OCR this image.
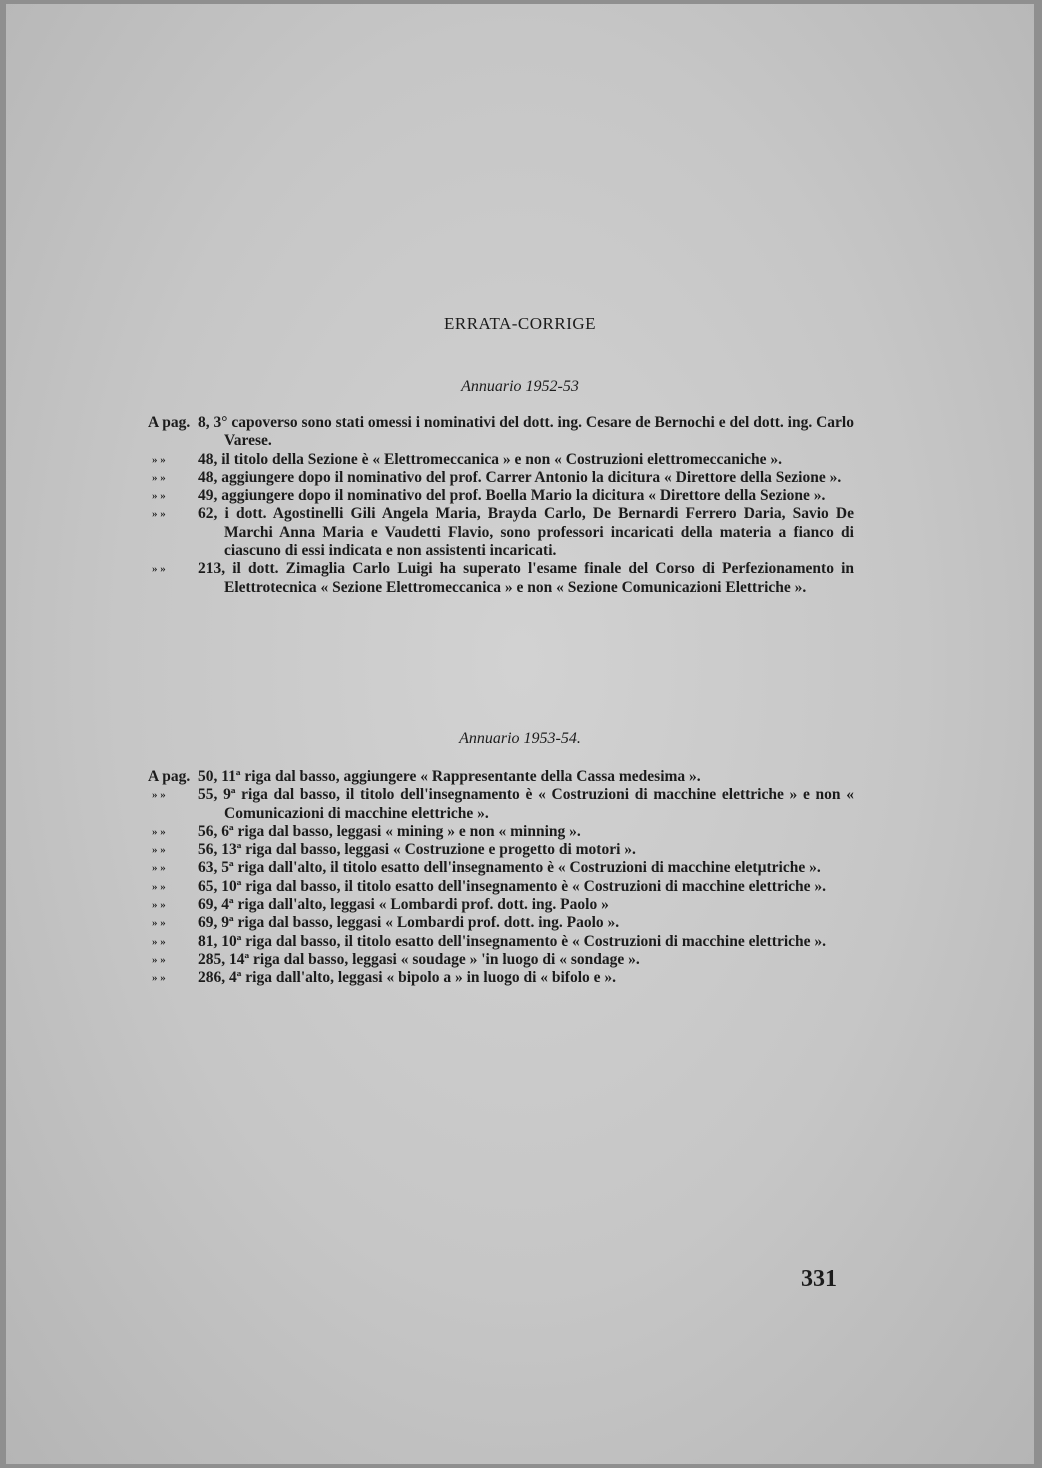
ERRATA-CORRIGE
Annuario 1952-53
A pag. 8, 3° capoverso sono stati omessi i nominativi del dott. ing. Cesare de Bernochi e del dott. ing. Carlo Varese.
» »	48, il titolo della Sezione è « Elettromeccanica » e non « Costruzioni elettromeccaniche ».
» »	48, aggiungere dopo il nominativo del prof. Carrer Antonio la dicitura « Direttore della Sezione ».
» »	49, aggiungere dopo il nominativo del prof. Boella Mario la dicitura « Direttore della Sezione ».
» »	62, i dott. Agostinelli Gili Angela Maria, Brayda Carlo, De Bernardi Ferrero Daria, Savio De Marchi Anna Maria e Vaudetti Flavio, sono professori incaricati della materia a fianco di ciascuno di essi indicata e non assistenti incaricati.
» »	213, il dott. Zimaglia Carlo Luigi ha superato l'esame finale del Corso di Perfezionamento in Elettrotecnica « Sezione Elettromeccanica » e non « Sezione Comunicazioni Elettriche ».
Annuario 1953-54.
A pag. 50, 11ª riga dal basso, aggiungere « Rappresentante della Cassa medesima ».
» »	55, 9ª riga dal basso, il titolo dell'insegnamento è « Costruzioni di macchine elettriche » e non « Comunicazioni di macchine elettriche ».
» »	56, 6ª riga dal basso, leggasi « mining » e non « minning ».
» »	56, 13ª riga dal basso, leggasi « Costruzione e progetto di motori ».
» »	63, 5ª riga dall'alto, il titolo esatto dell'insegnamento è « Costruzioni di macchine eletµtriche ».
» »	65, 10ª riga dal basso, il titolo esatto dell'insegnamento è « Costruzioni di macchine elettriche ».
» »	69, 4ª riga dall'alto, leggasi « Lombardi prof. dott. ing. Paolo »
» »	69, 9ª riga dal basso, leggasi « Lombardi prof. dott. ing. Paolo ».
» »	81, 10ª riga dal basso, il titolo esatto dell'insegnamento è « Costruzioni di macchine elettriche ».
» »	285, 14ª riga dal basso, leggasi « soudage » 'in luogo di « sondage ».
» »	286, 4ª riga dall'alto, leggasi « bipolo a » in luogo di « bifolo e ».
331
